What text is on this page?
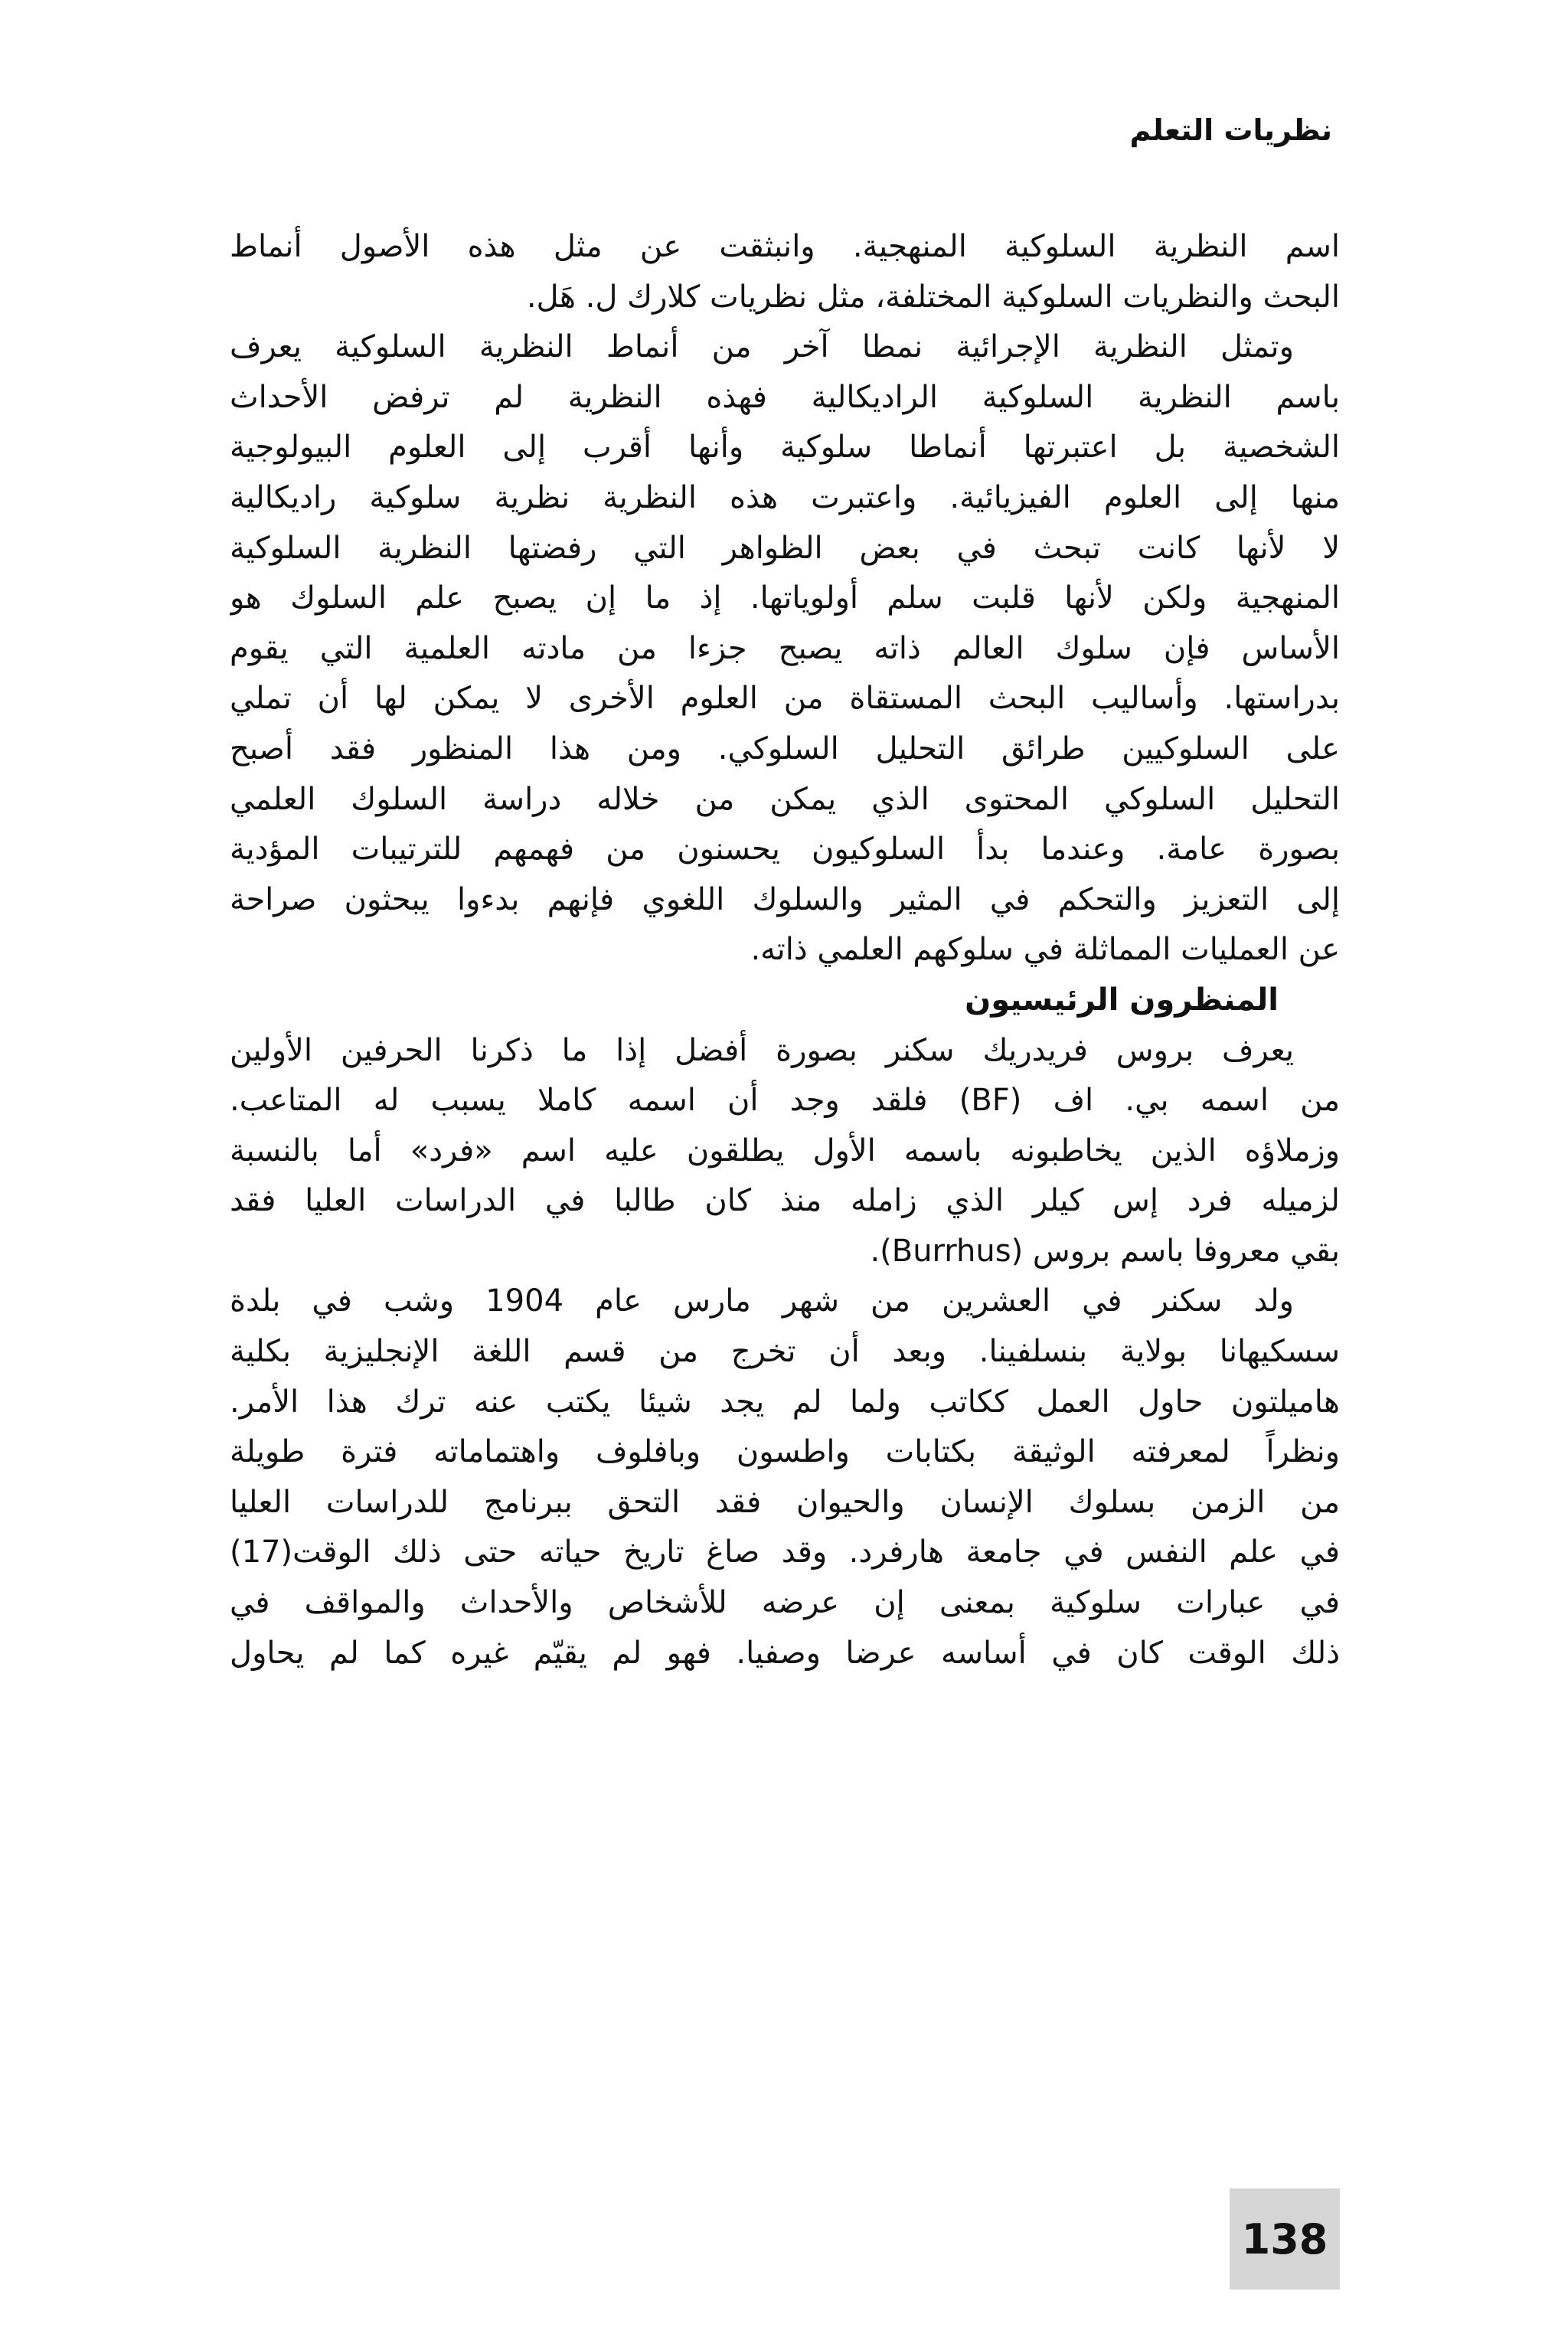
نظريات التعلم
اسم النظرية السلوكية المنهجية. وانبثقت عن مثل هذه الأصول أنماط
البحث والنظريات السلوكية المختلفة، مثل نظريات كلارك ل. هَل.
وتمثل النظرية الإجرائية نمطا آخر من أنماط النظرية السلوكية يعرف
باسم النظرية السلوكية الراديكالية فهذه النظرية لم ترفض الأحداث
الشخصية بل اعتبرتها أنماطا سلوكية وأنها أقرب إلى العلوم البيولوجية
منها إلى العلوم الفيزيائية. واعتبرت هذه النظرية نظرية سلوكية راديكالية
لا لأنها كانت تبحث في بعض الظواهر التي رفضتها النظرية السلوكية
المنهجية ولكن لأنها قلبت سلم أولوياتها. إذ ما إن يصبح علم السلوك هو
الأساس فإن سلوك العالم ذاته يصبح جزءا من مادته العلمية التي يقوم
بدراستها. وأساليب البحث المستقاة من العلوم الأخرى لا يمكن لها أن تملي
على السلوكيين طرائق التحليل السلوكي. ومن هذا المنظور فقد أصبح
التحليل السلوكي المحتوى الذي يمكن من خلاله دراسة السلوك العلمي
بصورة عامة. وعندما بدأ السلوكيون يحسنون من فهمهم للترتيبات المؤدية
إلى التعزيز والتحكم في المثير والسلوك اللغوي فإنهم بدءوا يبحثون صراحة
عن العمليات المماثلة في سلوكهم العلمي ذاته.
المنظرون الرئيسيون
يعرف بروس فريدريك سكنر بصورة أفضل إذا ما ذكرنا الحرفين الأولين
من اسمه بي. اف (BF) فلقد وجد أن اسمه كاملا يسبب له المتاعب.
وزملاؤه الذين يخاطبونه باسمه الأول يطلقون عليه اسم «فرد» أما بالنسبة
لزميله فرد إس كيلر الذي زامله منذ كان طالبا في الدراسات العليا فقد
بقي معروفا باسم بروس (Burrhus).
ولد سكنر في العشرين من شهر مارس عام 1904 وشب في بلدة
سسكيهانا بولاية بنسلفينا. وبعد أن تخرج من قسم اللغة الإنجليزية بكلية
هاميلتون حاول العمل ككاتب ولما لم يجد شيئا يكتب عنه ترك هذا الأمر.
ونظراً لمعرفته الوثيقة بكتابات واطسون وبافلوف واهتماماته فترة طويلة
من الزمن بسلوك الإنسان والحيوان فقد التحق ببرنامج للدراسات العليا
في علم النفس في جامعة هارفرد. وقد صاغ تاريخ حياته حتى ذلك الوقت(17)
في عبارات سلوكية بمعنى إن عرضه للأشخاص والأحداث والمواقف في
ذلك الوقت كان في أساسه عرضا وصفيا. فهو لم يقيّم غيره كما لم يحاول
138
